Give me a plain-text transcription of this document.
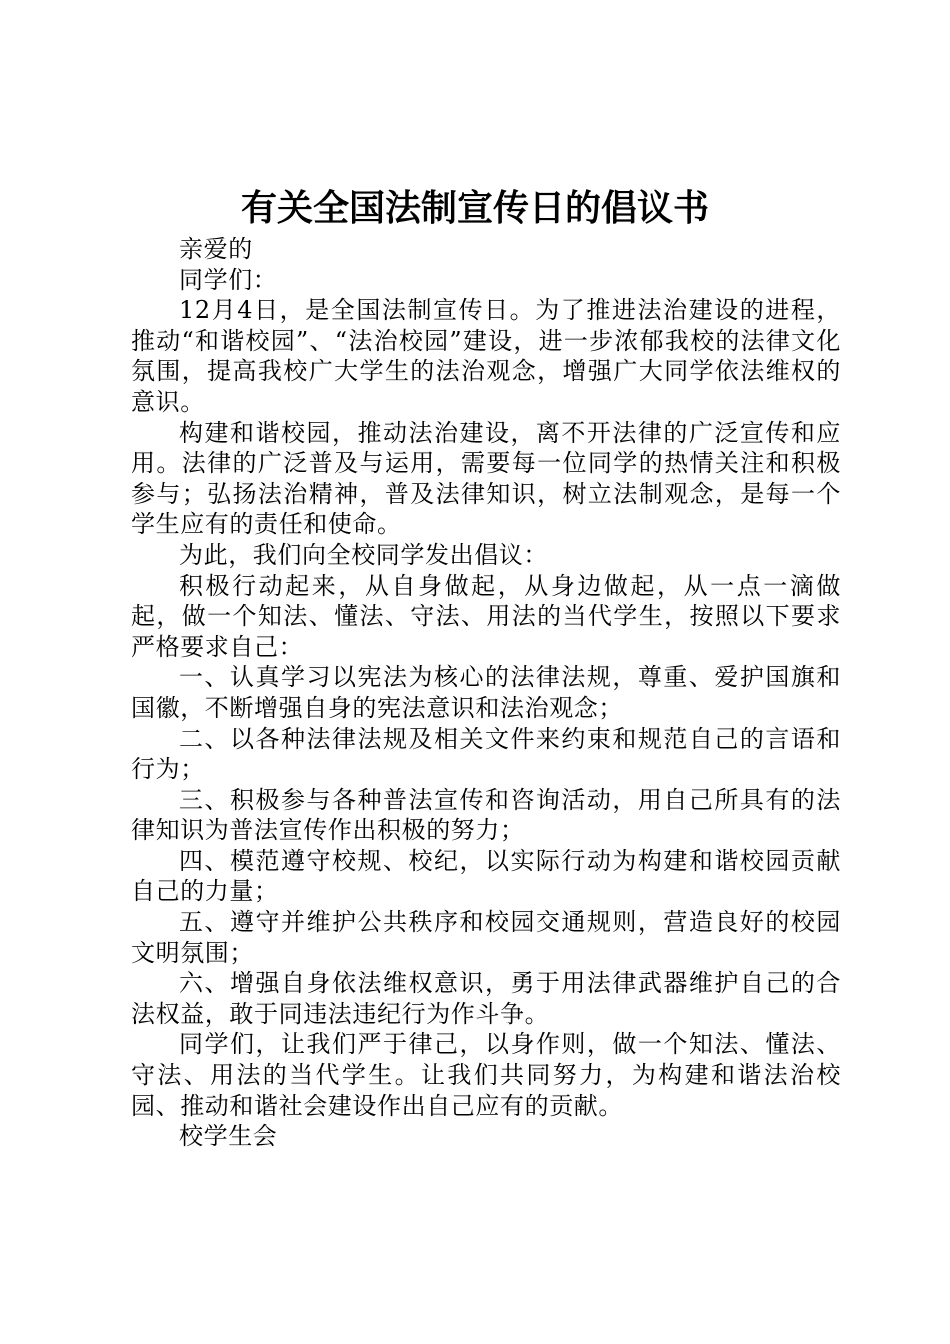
有关全国法制宣传日的倡议书

亲爱的

同学们：

12月4日，是全国法制宣传日。为了推进法治建设的进程，推动“和谐校园”、“法治校园”建设，进一步浓郁我校的法律文化氛围，提高我校广大学生的法治观念，增强广大同学依法维权的意识。

构建和谐校园，推动法治建设，离不开法律的广泛宣传和应用。法律的广泛普及与运用，需要每一位同学的热情关注和积极参与；弘扬法治精神，普及法律知识，树立法制观念，是每一个学生应有的责任和使命。

为此，我们向全校同学发出倡议：

积极行动起来，从自身做起，从身边做起，从一点一滴做起，做一个知法、懂法、守法、用法的当代学生，按照以下要求严格要求自己：

一、认真学习以宪法为核心的法律法规，尊重、爱护国旗和国徽，不断增强自身的宪法意识和法治观念；

二、以各种法律法规及相关文件来约束和规范自己的言语和行为；

三、积极参与各种普法宣传和咨询活动，用自己所具有的法律知识为普法宣传作出积极的努力；

四、模范遵守校规、校纪，以实际行动为构建和谐校园贡献自己的力量；

五、遵守并维护公共秩序和校园交通规则，营造良好的校园文明氛围；

六、增强自身依法维权意识，勇于用法律武器维护自己的合法权益，敢于同违法违纪行为作斗争。

同学们，让我们严于律己，以身作则，做一个知法、懂法、守法、用法的当代学生。让我们共同努力，为构建和谐法治校园、推动和谐社会建设作出自己应有的贡献。

校学生会
